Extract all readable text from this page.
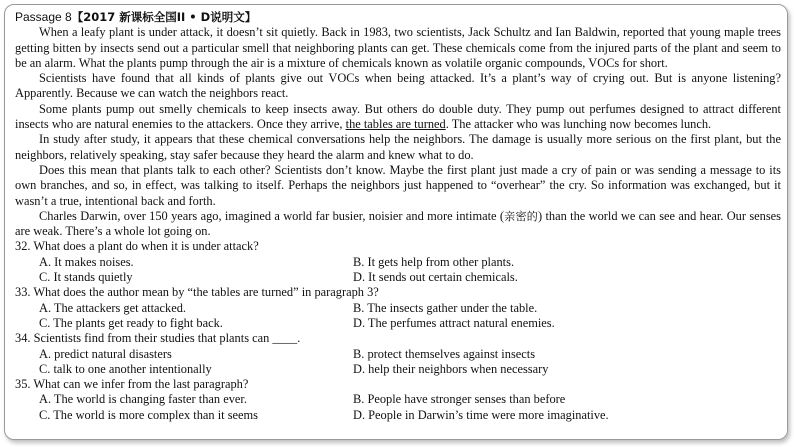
Passage 8【2017 新课标全国II • D说明文】

When a leafy plant is under attack, it doesn’t sit quietly. Back in 1983, two scientists, Jack Schultz and Ian Baldwin, reported that young maple trees getting bitten by insects send out a particular smell that neighboring plants can get. These chemicals come from the injured parts of the plant and seem to be an alarm. What the plants pump through the air is a mixture of chemicals known as volatile organic compounds, VOCs for short.

Scientists have found that all kinds of plants give out VOCs when being attacked. It’s a plant’s way of crying out. But is anyone listening? Apparently. Because we can watch the neighbors react.

Some plants pump out smelly chemicals to keep insects away. But others do double duty. They pump out perfumes designed to attract different insects who are natural enemies to the attackers. Once they arrive, the tables are turned. The attacker who was lunching now becomes lunch.

In study after study, it appears that these chemical conversations help the neighbors. The damage is usually more serious on the first plant, but the neighbors, relatively speaking, stay safer because they heard the alarm and knew what to do.

Does this mean that plants talk to each other? Scientists don’t know. Maybe the first plant just made a cry of pain or was sending a message to its own branches, and so, in effect, was talking to itself. Perhaps the neighbors just happened to “overhear” the cry. So information was exchanged, but it wasn’t a true, intentional back and forth.

Charles Darwin, over 150 years ago, imagined a world far busier, noisier and more intimate (亲密的) than the world we can see and hear. Our senses are weak. There’s a whole lot going on.

32. What does a plant do when it is under attack?

A. It makes noises.	B. It gets help from other plants.
C. It stands quietly	D. It sends out certain chemicals.

33. What does the author mean by “the tables are turned” in paragraph 3?

A. The attackers get attacked.	B. The insects gather under the table.
C. The plants get ready to fight back.	D. The perfumes attract natural enemies.

34. Scientists find from their studies that plants can ____.

A. predict natural disasters	B. protect themselves against insects
C. talk to one another intentionally	D. help their neighbors when necessary

35. What can we infer from the last paragraph?

A. The world is changing faster than ever.	B. People have stronger senses than before
C. The world is more complex than it seems	D. People in Darwin’s time were more imaginative.
